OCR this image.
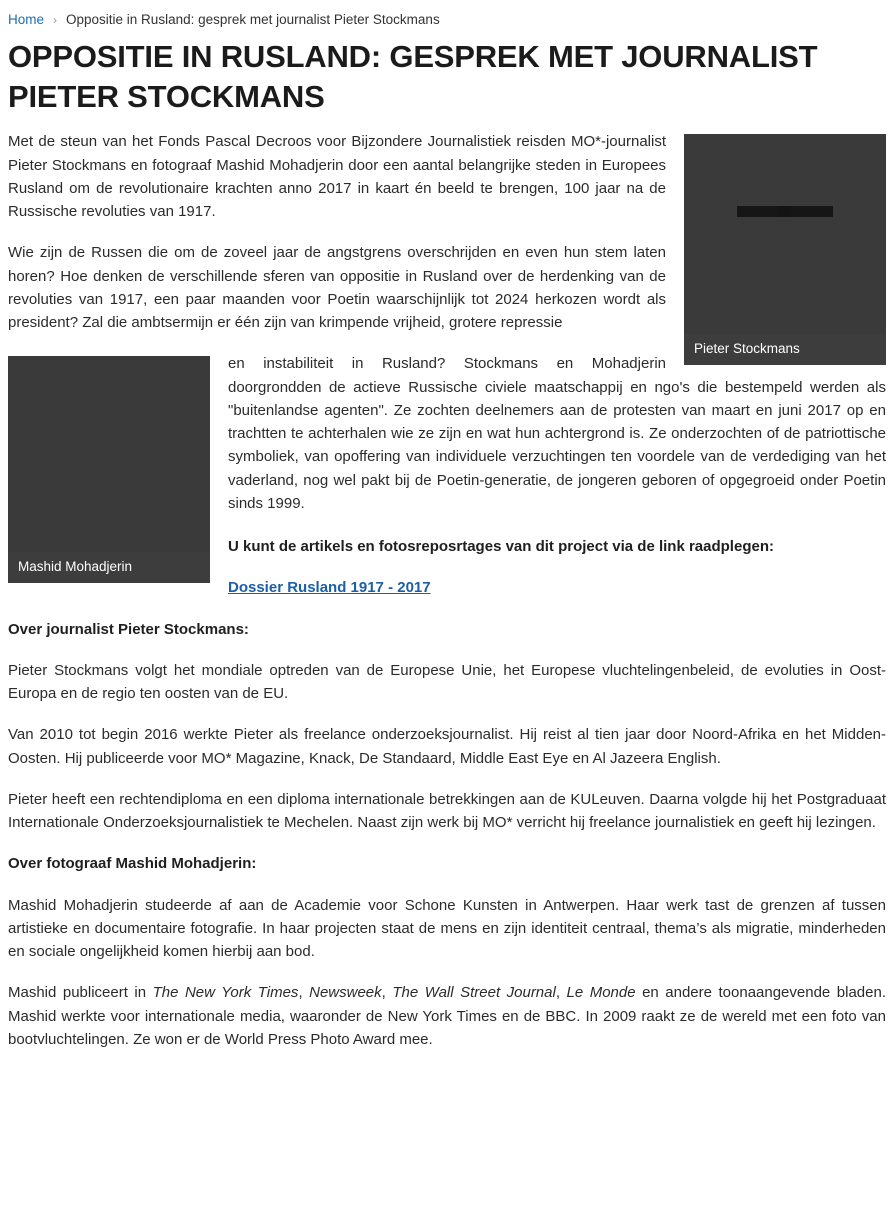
Home › Oppositie in Rusland: gesprek met journalist Pieter Stockmans
OPPOSITIE IN RUSLAND: GESPREK MET JOURNALIST PIETER STOCKMANS
Pieter Stockmans

Met de steun van het Fonds Pascal Decroos voor Bijzondere Journalistiek reisden MO*-journalist Pieter Stockmans en fotograaf Mashid Mohadjerin door een aantal belangrijke steden in Europees Rusland om de revolutionaire krachten anno 2017 in kaart én beeld te brengen, 100 jaar na de Russische revoluties van 1917.

Wie zijn de Russen die om de zoveel jaar de angstgrens overschrijden en even hun stem laten horen? Hoe denken de verschillende sferen van oppositie in Rusland over de herdenking van de revoluties van 1917, een paar maanden voor Poetin waarschijnlijk tot 2024 herkozen wordt als president? Zal die ambtsermijn er één zijn van krimpende vrijheid, grotere repressie

Mashid Mohadjerin

en instabiliteit in Rusland? Stockmans en Mohadjerin doorgrondden de actieve Russische civiele maatschappij en ngo's die bestempeld werden als "buitenlandse agenten". Ze zochten deelnemers aan de protesten van maart en juni 2017 op en trachtten te achterhalen wie ze zijn en wat hun achtergrond is. Ze onderzochten of de patriottische symboliek, van opoffering van individuele verzuchtingen ten voordele van de verdediging van het vaderland, nog wel pakt bij de Poetin-generatie, de jongeren geboren of opgegroeid onder Poetin sinds 1999.

U kunt de artikels en fotosreposrtages van dit project via de link raadplegen:

Dossier Rusland 1917 - 2017

Over journalist Pieter Stockmans:

Pieter Stockmans volgt het mondiale optreden van de Europese Unie, het Europese vluchtelingenbeleid, de evoluties in Oost-Europa en de regio ten oosten van de EU.

Van 2010 tot begin 2016 werkte Pieter als freelance onderzoeksjournalist. Hij reist al tien jaar door Noord-Afrika en het Midden-Oosten. Hij publiceerde voor MO* Magazine, Knack, De Standaard, Middle East Eye en Al Jazeera English.

Pieter heeft een rechtendiploma en een diploma internationale betrekkingen aan de KULeuven. Daarna volgde hij het Postgraduaat Internationale Onderzoeksjournalistiek te Mechelen. Naast zijn werk bij MO* verricht hij freelance journalistiek en geeft hij lezingen.

Over fotograaf Mashid Mohadjerin:

Mashid Mohadjerin studeerde af aan de Academie voor Schone Kunsten in Antwerpen. Haar werk tast de grenzen af tussen artistieke en documentaire fotografie. In haar projecten staat de mens en zijn identiteit centraal, thema’s als migratie, minderheden en sociale ongelijkheid komen hierbij aan bod.

Mashid publiceert in The New York Times, Newsweek, The Wall Street Journal, Le Monde en andere toonaangevende bladen. Mashid werkte voor internationale media, waaronder de New York Times en de BBC. In 2009 raakt ze de wereld met een foto van bootvluchtelingen. Ze won er de World Press Photo Award mee.
